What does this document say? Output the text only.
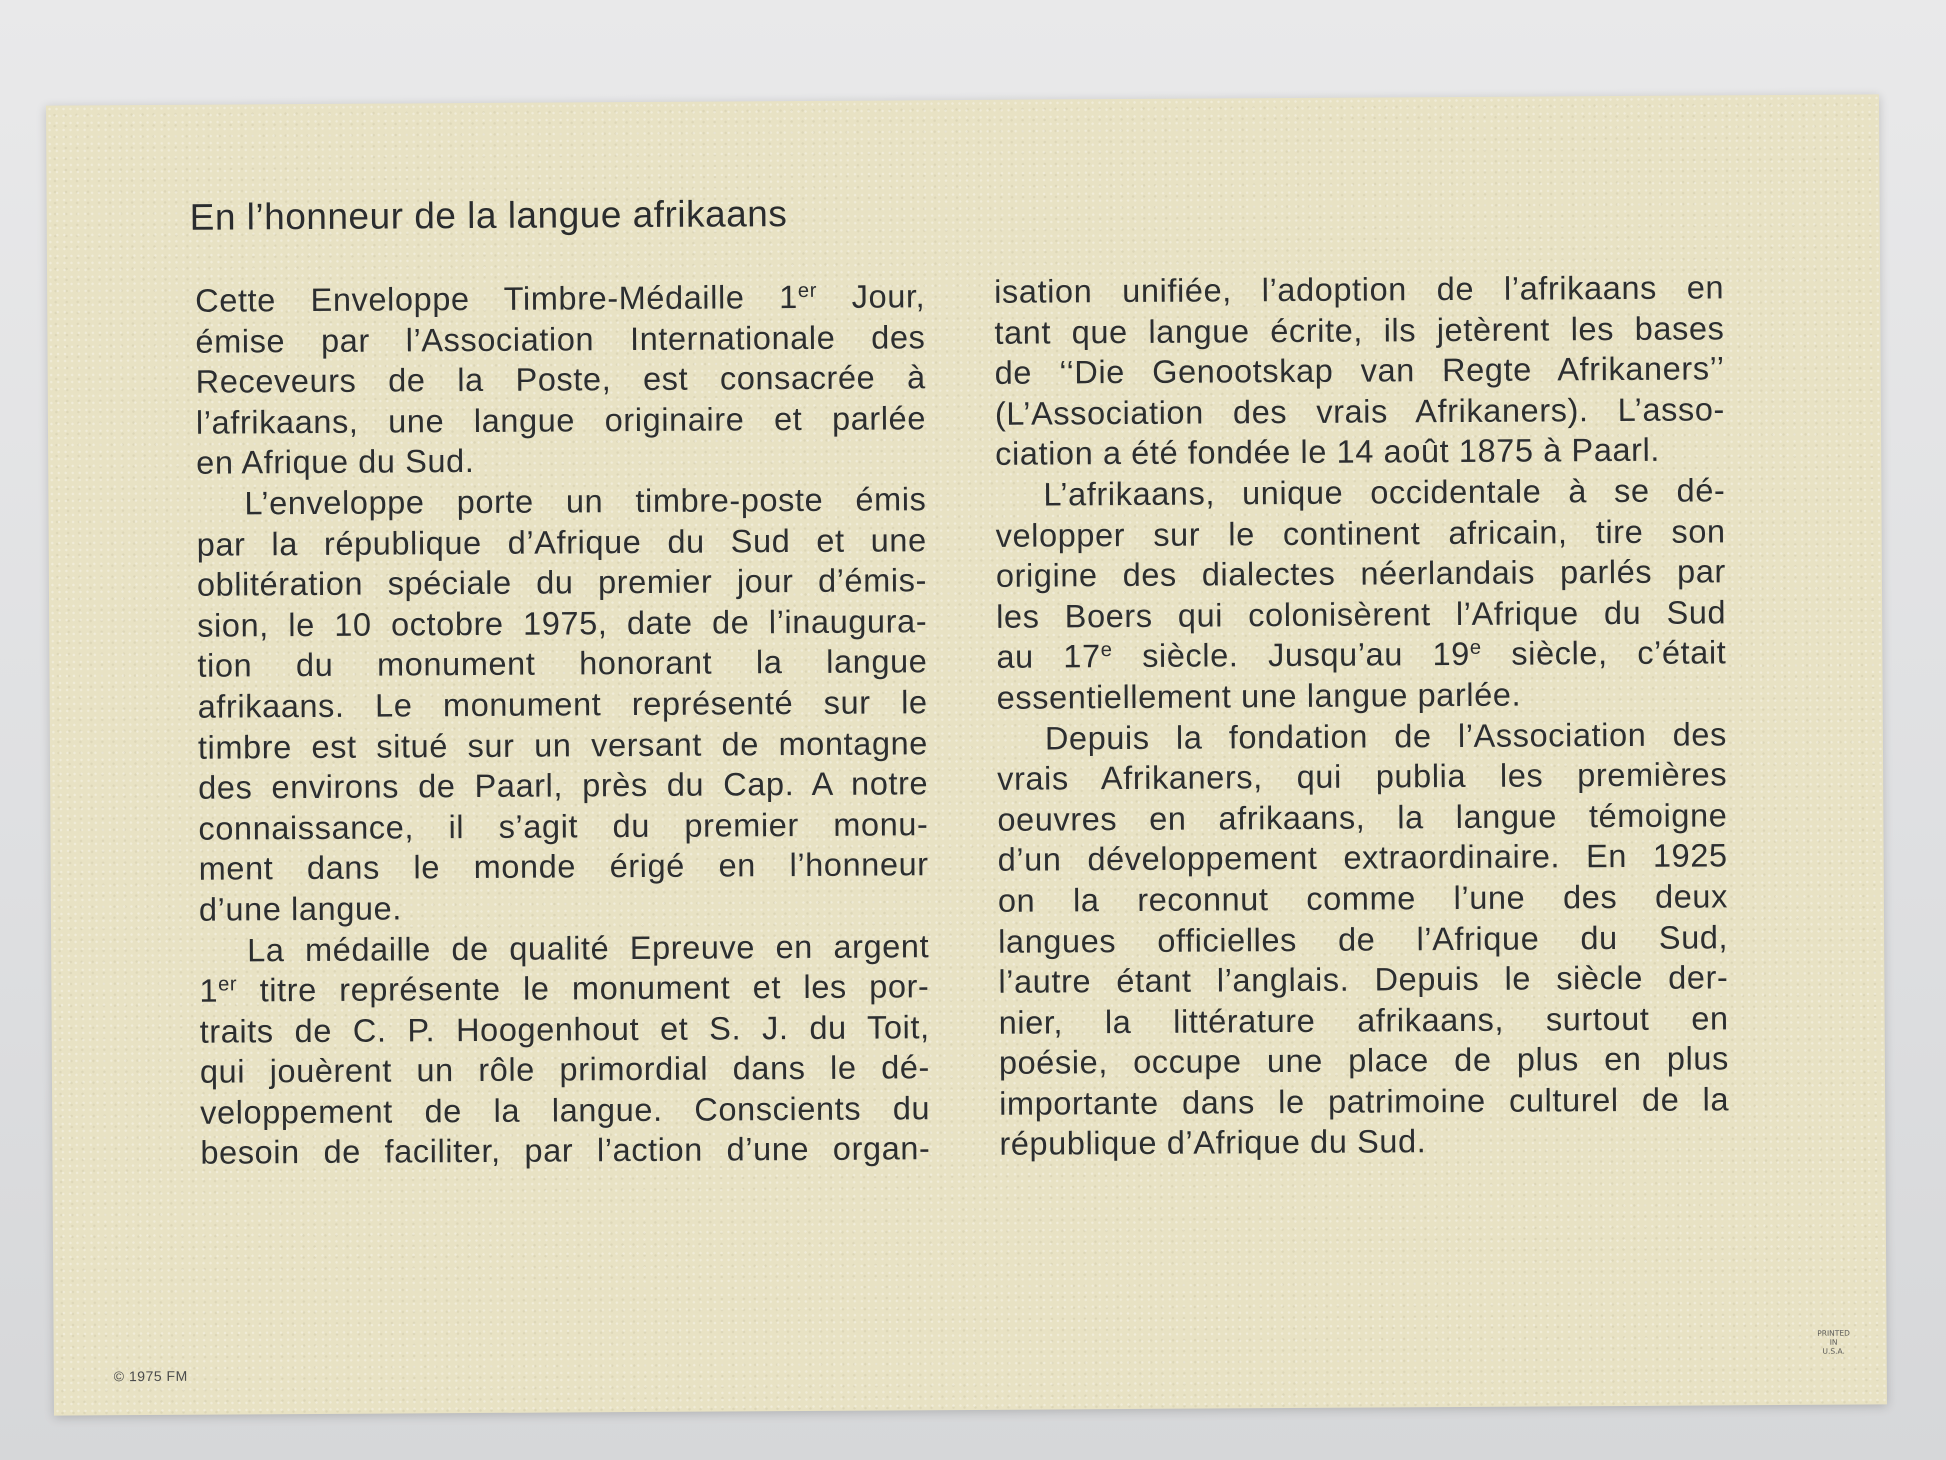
En l’honneur de la langue afrikaans
Cette Enveloppe Timbre-Médaille 1er Jour,
émise par l’Association Internationale des
Receveurs de la Poste, est consacrée à
l’afrikaans, une langue originaire et parlée
en Afrique du Sud.
L’enveloppe porte un timbre-poste émis
par la république d’Afrique du Sud et une
oblitération spéciale du premier jour d’émis-
sion, le 10 octobre 1975, date de l’inaugura-
tion du monument honorant la langue
afrikaans. Le monument représenté sur le
timbre est situé sur un versant de montagne
des environs de Paarl, près du Cap. A notre
connaissance, il s’agit du premier monu-
ment dans le monde érigé en l’honneur
d’une langue.
La médaille de qualité Epreuve en argent
1er titre représente le monument et les por-
traits de C. P. Hoogenhout et S. J. du Toit,
qui jouèrent un rôle primordial dans le dé-
veloppement de la langue. Conscients du
besoin de faciliter, par l’action d’une organ-
isation unifiée, l’adoption de l’afrikaans en
tant que langue écrite, ils jetèrent les bases
de ‘‘Die Genootskap van Regte Afrikaners’’
(L’Association des vrais Afrikaners). L’asso-
ciation a été fondée le 14 août 1875 à Paarl.
L’afrikaans, unique occidentale à se dé-
velopper sur le continent africain, tire son
origine des dialectes néerlandais parlés par
les Boers qui colonisèrent l’Afrique du Sud
au 17e siècle. Jusqu’au 19e siècle, c’était
essentiellement une langue parlée.
Depuis la fondation de l’Association des
vrais Afrikaners, qui publia les premières
oeuvres en afrikaans, la langue témoigne
d’un développement extraordinaire. En 1925
on la reconnut comme l’une des deux
langues officielles de l’Afrique du Sud,
l’autre étant l’anglais. Depuis le siècle der-
nier, la littérature afrikaans, surtout en
poésie, occupe une place de plus en plus
importante dans le patrimoine culturel de la
république d’Afrique du Sud.
© 1975 FM
PRINTED
IN
U.S.A.
